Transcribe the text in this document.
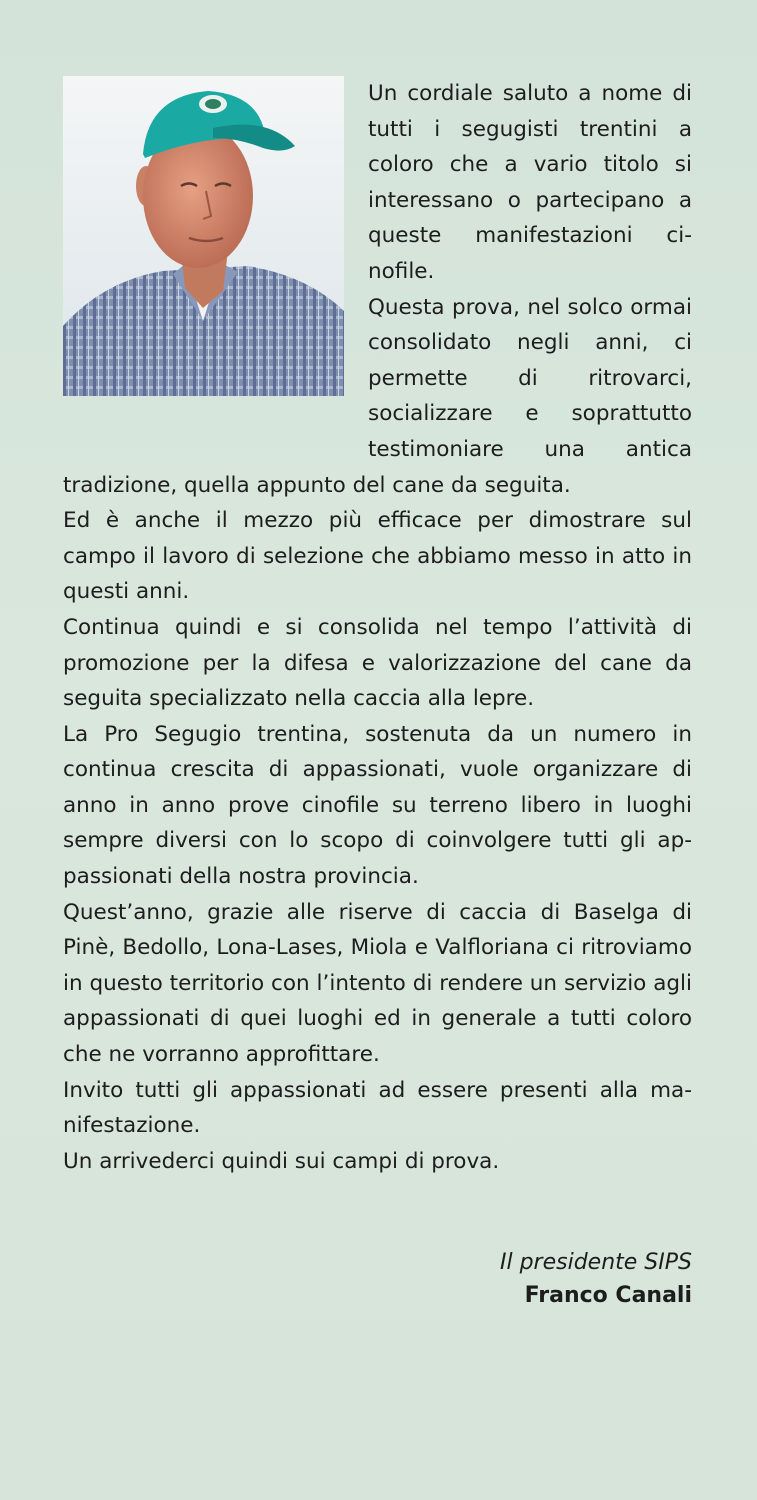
Un cordiale saluto a nome di tutti i segugisti trentini a coloro che a vario titolo si interessano o partecipano a queste manifestazioni cinofile.

Questa prova, nel solco ormai consolidato negli anni, ci permette di ritrovarci, socializzare e soprattutto testimoniare una antica tradizione, quella appunto del cane da seguita.

Ed è anche il mezzo più efficace per dimostrare sul campo il lavoro di selezione che abbiamo messo in atto in questi anni.

Continua quindi e si consolida nel tempo l’attività di promozione per la difesa e valorizzazione del cane da seguita specializzato nella caccia alla lepre.

La Pro Segugio trentina, sostenuta da un numero in continua crescita di appassionati, vuole organizzare di anno in anno prove cinofile su terreno libero in luoghi sempre diversi con lo scopo di coinvolgere tutti gli appassionati della nostra provincia.

Quest’anno, grazie alle riserve di caccia di Baselga di Pinè, Bedollo, Lona-Lases, Miola e Valfloriana ci ritroviamo in questo territorio con l’intento di rendere un servizio agli appassionati di quei luoghi ed in generale a tutti coloro che ne vorranno approfittare.

Invito tutti gli appassionati ad essere presenti alla manifestazione.

Un arrivederci quindi sui campi di prova.

Il presidente SIPS
Franco Canali
